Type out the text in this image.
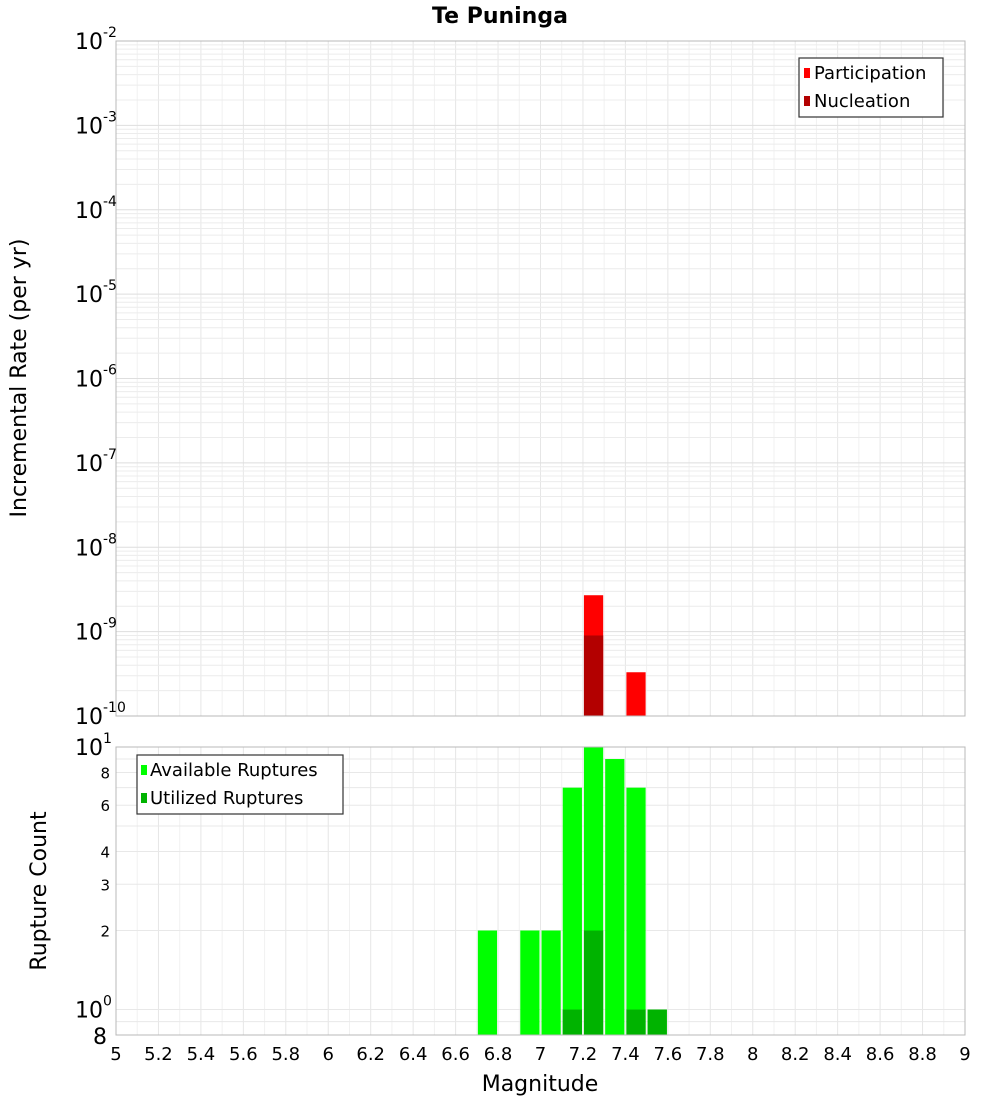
Te Puninga
Incremental Rate (per yr)
Rupture Count
Magnitude
10 -2
10 -3
10 -4
10 -5
10 -6
10 -7
10 -8
10 -9
10 -10
Participation
Nucleation
10 1
8
6
4
3
2
10 0
8
5 5.2 5.4 5.6 5.8 6 6.2 6.4 6.6 6.8 7 7.2 7.4 7.6 7.8 8 8.2 8.4 8.6 8.8 9
Available Ruptures
Utilized Ruptures
